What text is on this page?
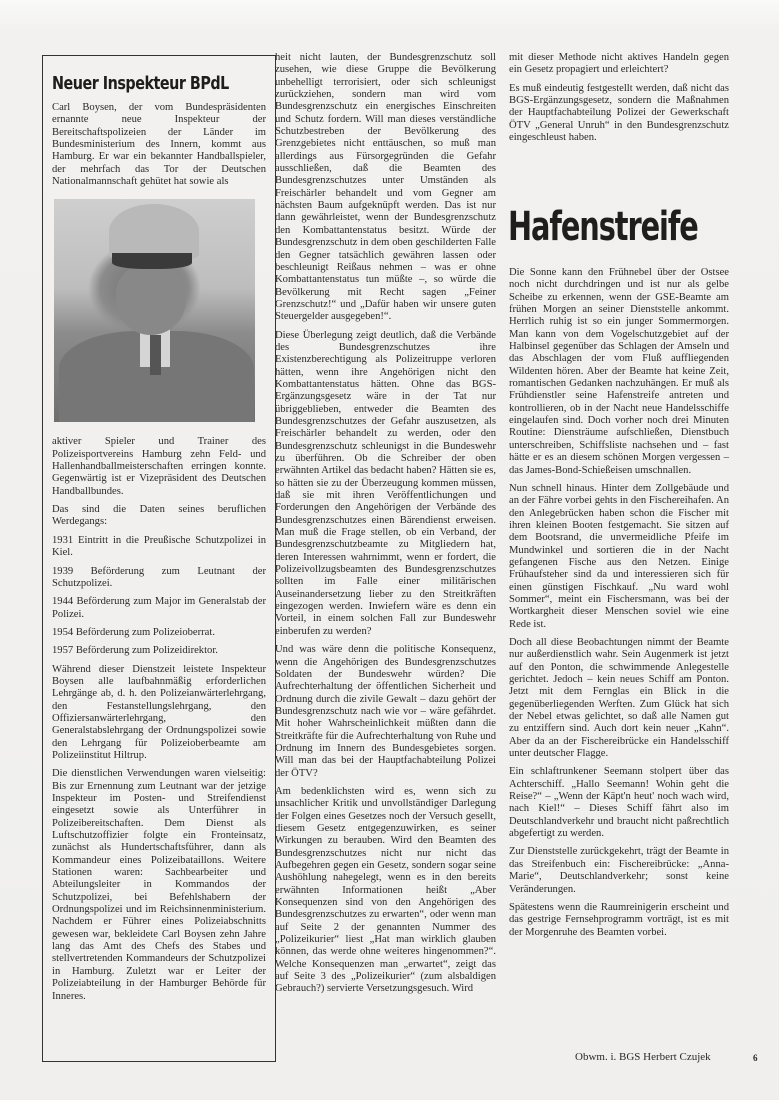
Neuer Inspekteur BPdL

Carl Boysen, der vom Bundespräsidenten ernannte neue Inspekteur der Bereitschaftspolizeien der Länder im Bundesministerium des Innern, kommt aus Hamburg. Er war ein bekannter Handballspieler, der mehrfach das Tor der Deutschen Nationalmannschaft gehütet hat sowie als

aktiver Spieler und Trainer des Polizeisportvereins Hamburg zehn Feld- und Hallenhandballmeisterschaften erringen konnte. Gegenwärtig ist er Vizepräsident des Deutschen Handballbundes.

Das sind die Daten seines beruflichen Werdegangs:

1931 Eintritt in die Preußische Schutzpolizei in Kiel.

1939 Beförderung zum Leutnant der Schutzpolizei.

1944 Beförderung zum Major im Generalstab der Polizei.

1954 Beförderung zum Polizeioberrat.

1957 Beförderung zum Polizeidirektor.

Während dieser Dienstzeit leistete Inspekteur Boysen alle laufbahnmäßig erforderlichen Lehrgänge ab, d. h. den Polizeianwärterlehrgang, den Festanstellungslehrgang, den Offiziersanwärterlehrgang, den Generalstabslehrgang der Ordnungspolizei sowie den Lehrgang für Polizeioberbeamte am Polizeiinstitut Hiltrup.

Die dienstlichen Verwendungen waren vielseitig: Bis zur Ernennung zum Leutnant war der jetzige Inspekteur im Posten- und Streifendienst eingesetzt sowie als Unterführer in Polizeibereitschaften. Dem Dienst als Luftschutzoffizier folgte ein Fronteinsatz, zunächst als Hundertschaftsführer, dann als Kommandeur eines Polizeibataillons. Weitere Stationen waren: Sachbearbeiter und Abteilungsleiter in Kommandos der Schutzpolizei, bei Befehlshabern der Ordnungspolizei und im Reichsinnenministerium. Nachdem er Führer eines Polizeiabschnitts gewesen war, bekleidete Carl Boysen zehn Jahre lang das Amt des Chefs des Stabes und stellvertretenden Kommandeurs der Schutzpolizei in Hamburg. Zuletzt war er Leiter der Polizeiabteilung in der Hamburger Behörde für Inneres.

heit nicht lauten, der Bundesgrenzschutz soll zusehen, wie diese Gruppe die Bevölkerung unbehelligt terrorisiert, oder sich schleunigst zurückziehen, sondern man wird vom Bundesgrenzschutz ein energisches Einschreiten und Schutz fordern. Will man dieses verständliche Schutzbestreben der Bevölkerung des Grenzgebietes nicht enttäuschen, so muß man allerdings aus Fürsorgegründen die Gefahr ausschließen, daß die Beamten des Bundesgrenzschutzes unter Umständen als Freischärler behandelt und vom Gegner am nächsten Baum aufgeknüpft werden. Das ist nur dann gewährleistet, wenn der Bundesgrenzschutz den Kombattantenstatus besitzt. Würde der Bundesgrenzschutz in dem oben geschilderten Falle den Gegner tatsächlich gewähren lassen oder beschleunigt Reißaus nehmen – was er ohne Kombattantenstatus tun müßte –, so würde die Bevölkerung mit Recht sagen „Feiner Grenzschutz!“ und „Dafür haben wir unsere guten Steuergelder ausgegeben!“.

Diese Überlegung zeigt deutlich, daß die Verbände des Bundesgrenzschutzes ihre Existenzberechtigung als Polizeitruppe verloren hätten, wenn ihre Angehörigen nicht den Kombattantenstatus hätten. Ohne das BGS-Ergänzungsgesetz wäre in der Tat nur übriggeblieben, entweder die Beamten des Bundesgrenzschutzes der Gefahr auszusetzen, als Freischärler behandelt zu werden, oder den Bundesgrenzschutz schleunigst in die Bundeswehr zu überführen. Ob die Schreiber der oben erwähnten Artikel das bedacht haben? Hätten sie es, so hätten sie zu der Überzeugung kommen müssen, daß sie mit ihren Veröffentlichungen und Forderungen den Angehörigen der Verbände des Bundesgrenzschutzes einen Bärendienst erweisen. Man muß die Frage stellen, ob ein Verband, der Bundesgrenzschutzbeamte zu Mitgliedern hat, deren Interessen wahrnimmt, wenn er fordert, die Polizeivollzugsbeamten des Bundesgrenzschutzes sollten im Falle einer militärischen Auseinandersetzung lieber zu den Streitkräften eingezogen werden. Inwiefern wäre es denn ein Vorteil, in einem solchen Fall zur Bundeswehr einberufen zu werden?

Und was wäre denn die politische Konsequenz, wenn die Angehörigen des Bundesgrenzschutzes Soldaten der Bundeswehr würden? Die Aufrechterhaltung der öffentlichen Sicherheit und Ordnung durch die zivile Gewalt – dazu gehört der Bundesgrenzschutz nach wie vor – wäre gefährdet. Mit hoher Wahrscheinlichkeit müßten dann die Streitkräfte für die Aufrechterhaltung von Ruhe und Ordnung im Innern des Bundesgebietes sorgen. Will man das bei der Hauptfachabteilung Polizei der ÖTV?

Am bedenklichsten wird es, wenn sich zu unsachlicher Kritik und unvollständiger Darlegung der Folgen eines Gesetzes noch der Versuch gesellt, diesem Gesetz entgegenzuwirken, es seiner Wirkungen zu berauben. Wird den Beamten des Bundesgrenzschutzes nicht nur nicht das Aufbegehren gegen ein Gesetz, sondern sogar seine Aushöhlung nahegelegt, wenn es in den bereits erwähnten Informationen heißt „Aber Konsequenzen sind von den Angehörigen des Bundesgrenzschutzes zu erwarten“, oder wenn man auf Seite 2 der genannten Nummer des „Polizeikurier“ liest „Hat man wirklich glauben können, das werde ohne weiteres hingenommen?“. Welche Konsequenzen man „erwartet“, zeigt das auf Seite 3 des „Polizeikurier“ (zum alsbaldigen Gebrauch?) servierte Versetzungsgesuch. Wird

mit dieser Methode nicht aktives Handeln gegen ein Gesetz propagiert und erleichtert?

Es muß eindeutig festgestellt werden, daß nicht das BGS-Ergänzungsgesetz, sondern die Maßnahmen der Hauptfachabteilung Polizei der Gewerkschaft ÖTV „General Unruh“ in den Bundesgrenzschutz eingeschleust haben.

Hafenstreife

Die Sonne kann den Frühnebel über der Ostsee noch nicht durchdringen und ist nur als gelbe Scheibe zu erkennen, wenn der GSE-Beamte am frühen Morgen an seiner Dienststelle ankommt. Herrlich ruhig ist so ein junger Sommermorgen. Man kann von dem Vogelschutzgebiet auf der Halbinsel gegenüber das Schlagen der Amseln und das Abschlagen der vom Fluß auffliegenden Wildenten hören. Aber der Beamte hat keine Zeit, romantischen Gedanken nachzuhängen. Er muß als Frühdienstler seine Hafenstreife antreten und kontrollieren, ob in der Nacht neue Handelsschiffe eingelaufen sind. Doch vorher noch drei Minuten Routine: Diensträume aufschließen, Dienstbuch unterschreiben, Schiffsliste nachsehen und – fast hätte er es an diesem schönen Morgen vergessen – das James-Bond-Schießeisen umschnallen.

Nun schnell hinaus. Hinter dem Zollgebäude und an der Fähre vorbei gehts in den Fischereihafen. An den Anlegebrücken haben schon die Fischer mit ihren kleinen Booten festgemacht. Sie sitzen auf dem Bootsrand, die unvermeidliche Pfeife im Mundwinkel und sortieren die in der Nacht gefangenen Fische aus den Netzen. Einige Frühaufsteher sind da und interessieren sich für einen günstigen Fischkauf. „Nu ward wohl Sommer“, meint ein Fischersmann, was bei der Wortkargheit dieser Menschen soviel wie eine Rede ist.

Doch all diese Beobachtungen nimmt der Beamte nur außerdienstlich wahr. Sein Augenmerk ist jetzt auf den Ponton, die schwimmende Anlegestelle gerichtet. Jedoch – kein neues Schiff am Ponton. Jetzt mit dem Fernglas ein Blick in die gegenüberliegenden Werften. Zum Glück hat sich der Nebel etwas gelichtet, so daß alle Namen gut zu entziffern sind. Auch dort kein neuer „Kahn“. Aber da an der Fischereibrücke ein Handelsschiff unter deutscher Flagge.

Ein schlaftrunkener Seemann stolpert über das Achterschiff. „Hallo Seemann! Wohin geht die Reise?“ – „Wenn der Käpt'n heut' noch wach wird, nach Kiel!“ – Dieses Schiff fährt also im Deutschlandverkehr und braucht nicht paßrechtlich abgefertigt zu werden.

Zur Dienststelle zurückgekehrt, trägt der Beamte in das Streifenbuch ein: Fischereibrücke: „Anna-Marie“, Deutschlandverkehr; sonst keine Veränderungen.

Spätestens wenn die Raumreinigerin erscheint und das gestrige Fernsehprogramm vorträgt, ist es mit der Morgenruhe des Beamten vorbei.

Obwm. i. BGS Herbert Czujek	6
